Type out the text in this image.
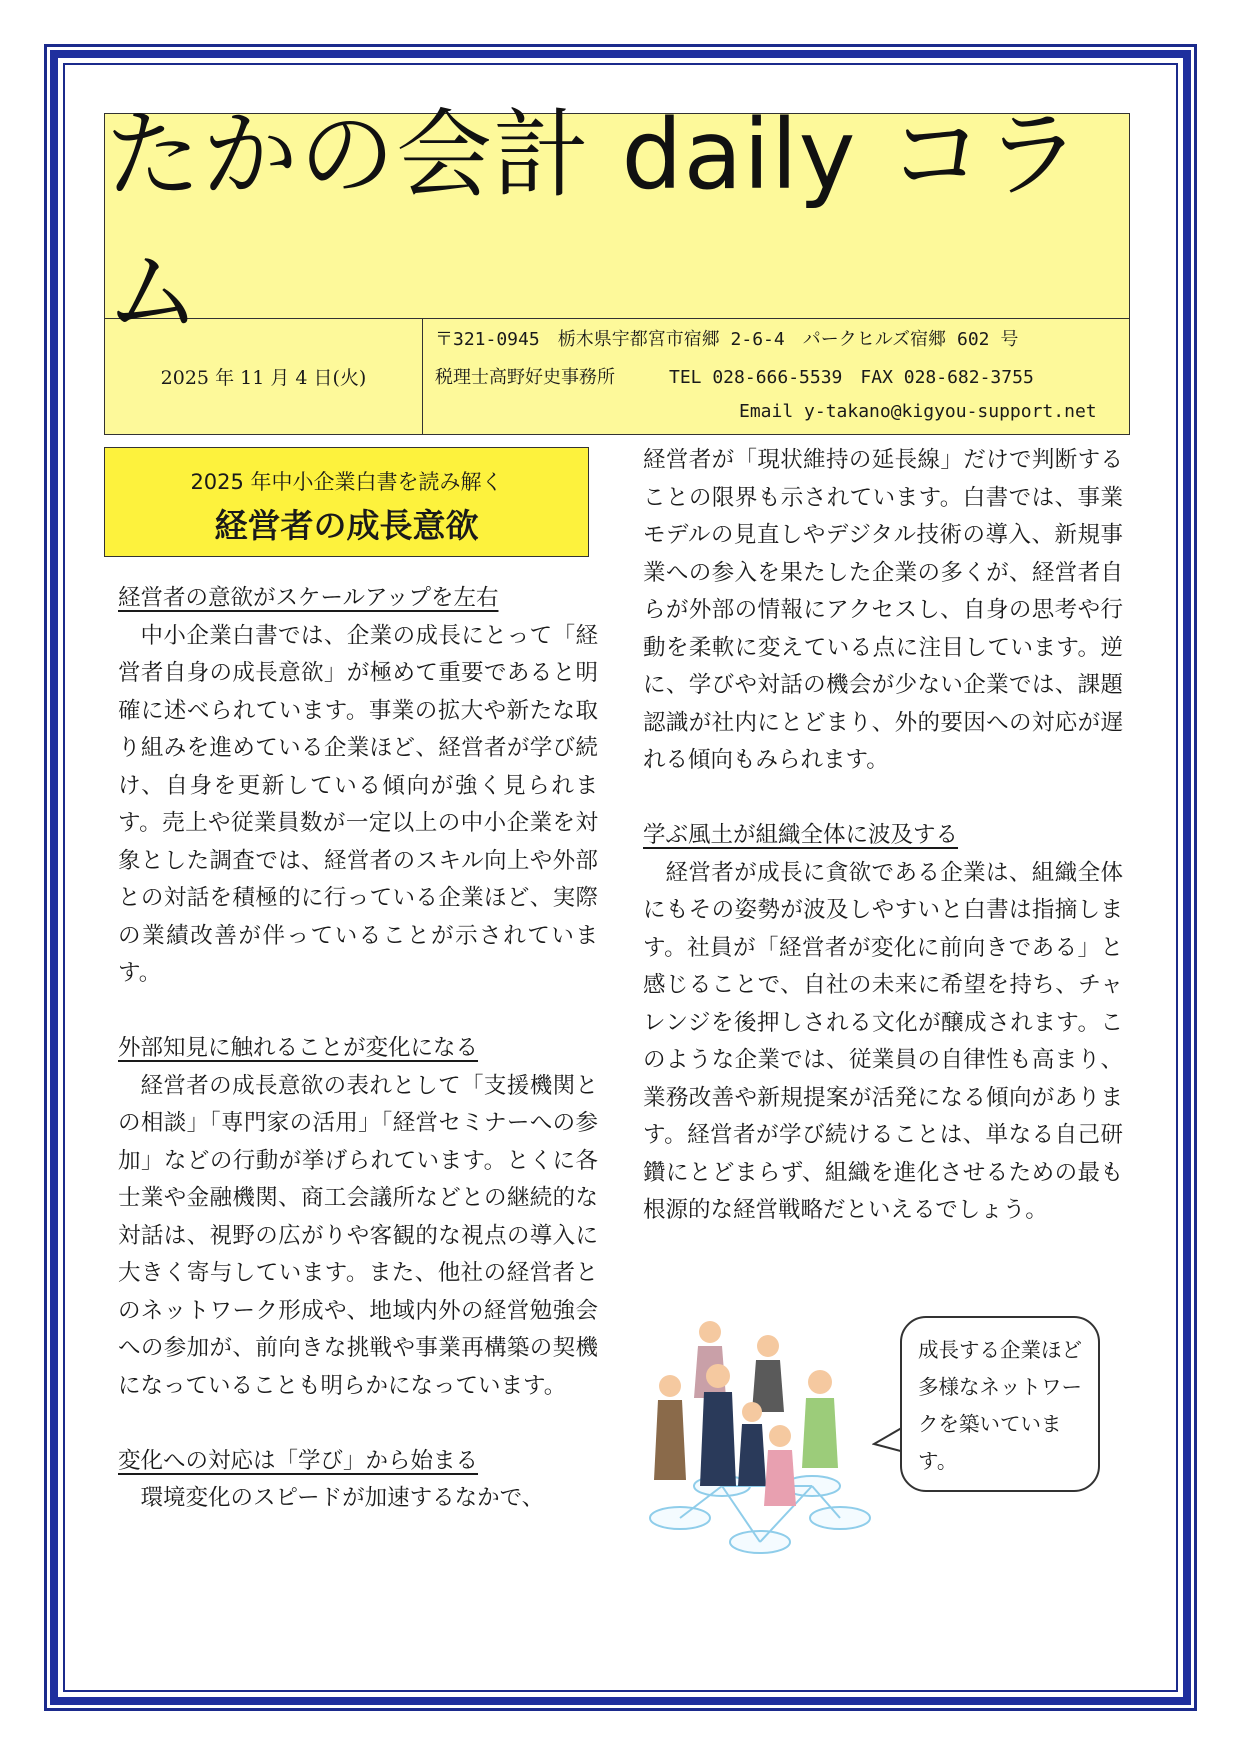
たかの会計 daily コラム
2025 年 11 月 4 日(火)
〒321-0945　栃木県宇都宮市宿郷 2-6-4　パークヒルズ宿郷 602 号
税理士高野好史事務所　　　TEL 028-666-5539　FAX 028-682-3755
Email y-takano@kigyou-support.net
2025 年中小企業白書を読み解く
経営者の成長意欲
経営者の意欲がスケールアップを左右

中小企業白書では、企業の成長にとって「経営者自身の成長意欲」が極めて重要であると明確に述べられています。事業の拡大や新たな取り組みを進めている企業ほど、経営者が学び続け、自身を更新している傾向が強く見られます。売上や従業員数が一定以上の中小企業を対象とした調査では、経営者のスキル向上や外部との対話を積極的に行っている企業ほど、実際の業績改善が伴っていることが示されています。

外部知見に触れることが変化になる

経営者の成長意欲の表れとして「支援機関との相談」「専門家の活用」「経営セミナーへの参加」などの行動が挙げられています。とくに各士業や金融機関、商工会議所などとの継続的な対話は、視野の広がりや客観的な視点の導入に大きく寄与しています。また、他社の経営者とのネットワーク形成や、地域内外の経営勉強会への参加が、前向きな挑戦や事業再構築の契機になっていることも明らかになっています。

変化への対応は「学び」から始まる

環境変化のスピードが加速するなかで、

経営者が「現状維持の延長線」だけで判断することの限界も示されています。白書では、事業モデルの見直しやデジタル技術の導入、新規事業への参入を果たした企業の多くが、経営者自らが外部の情報にアクセスし、自身の思考や行動を柔軟に変えている点に注目しています。逆に、学びや対話の機会が少ない企業では、課題認識が社内にとどまり、外的要因への対応が遅れる傾向もみられます。

学ぶ風土が組織全体に波及する

経営者が成長に貪欲である企業は、組織全体にもその姿勢が波及しやすいと白書は指摘します。社員が「経営者が変化に前向きである」と感じることで、自社の未来に希望を持ち、チャレンジを後押しされる文化が醸成されます。このような企業では、従業員の自律性も高まり、業務改善や新規提案が活発になる傾向があります。経営者が学び続けることは、単なる自己研鑽にとどまらず、組織を進化させるための最も根源的な経営戦略だといえるでしょう。

成長する企業ほど多様なネットワークを築いています。
